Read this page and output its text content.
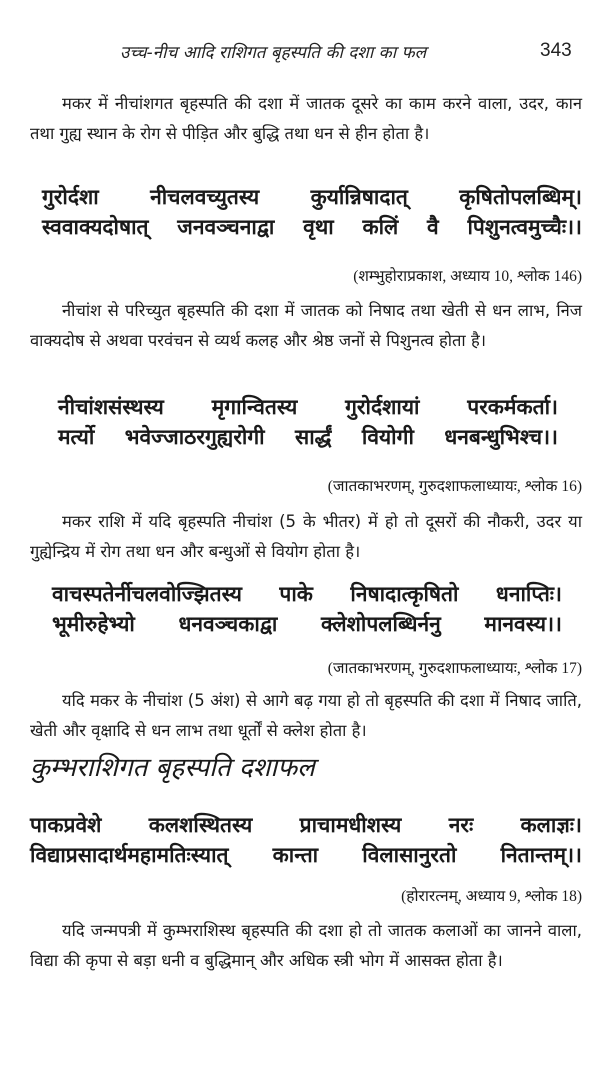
उच्च-नीच आदि राशिगत बृहस्पति की दशा का फल	343
मकर में नीचांशगत बृहस्पति की दशा में जातक दूसरे का काम करने वाला, उदर, कान तथा गुह्य स्थान के रोग से पीड़ित और बुद्धि तथा धन से हीन होता है।
गुरोर्दशा नीचलवच्युतस्य कुर्यान्निषादात् कृषितोपलब्धिम्।
स्ववाक्यदोषात् जनवञ्चनाद्वा वृथा कलिं वै पिशुनत्वमुच्चैः।।
(शम्भुहोराप्रकाश, अध्याय 10, श्लोक 146)
नीचांश से परिच्युत बृहस्पति की दशा में जातक को निषाद तथा खेती से धन लाभ, निज वाक्यदोष से अथवा परवंचन से व्यर्थ कलह और श्रेष्ठ जनों से पिशुनत्व होता है।
नीचांशसंस्थस्य मृगान्वितस्य गुरोर्दशायां परकर्मकर्ता।
मर्त्यो भवेज्जाठरगुह्यरोगी सार्द्धं वियोगी धनबन्धुभिश्च।।
(जातकाभरणम्, गुरुदशाफलाध्यायः, श्लोक 16)
मकर राशि में यदि बृहस्पति नीचांश (5 के भीतर) में हो तो दूसरों की नौकरी, उदर या गुह्येन्द्रिय में रोग तथा धन और बन्धुओं से वियोग होता है।
वाचस्पतेर्नीचलवोज्झितस्य पाके निषादात्कृषितो धनाप्तिः।
भूमीरुहेभ्यो धनवञ्चकाद्वा क्लेशोपलब्धिर्ननु मानवस्य।।
(जातकाभरणम्, गुरुदशाफलाध्यायः, श्लोक 17)
यदि मकर के नीचांश (5 अंश) से आगे बढ़ गया हो तो बृहस्पति की दशा में निषाद जाति, खेती और वृक्षादि से धन लाभ तथा धूर्तों से क्लेश होता है।
कुम्भराशिगत बृहस्पति दशाफल
पाकप्रवेशे कलशस्थितस्य प्राचामधीशस्य नरः कलाज्ञः।
विद्याप्रसादार्थमहामतिःस्यात् कान्ता विलासानुरतो नितान्तम्।।
(होरारत्नम्, अध्याय 9, श्लोक 18)
यदि जन्मपत्री में कुम्भराशिस्थ बृहस्पति की दशा हो तो जातक कलाओं का जानने वाला, विद्या की कृपा से बड़ा धनी व बुद्धिमान् और अधिक स्त्री भोग में आसक्त होता है।
